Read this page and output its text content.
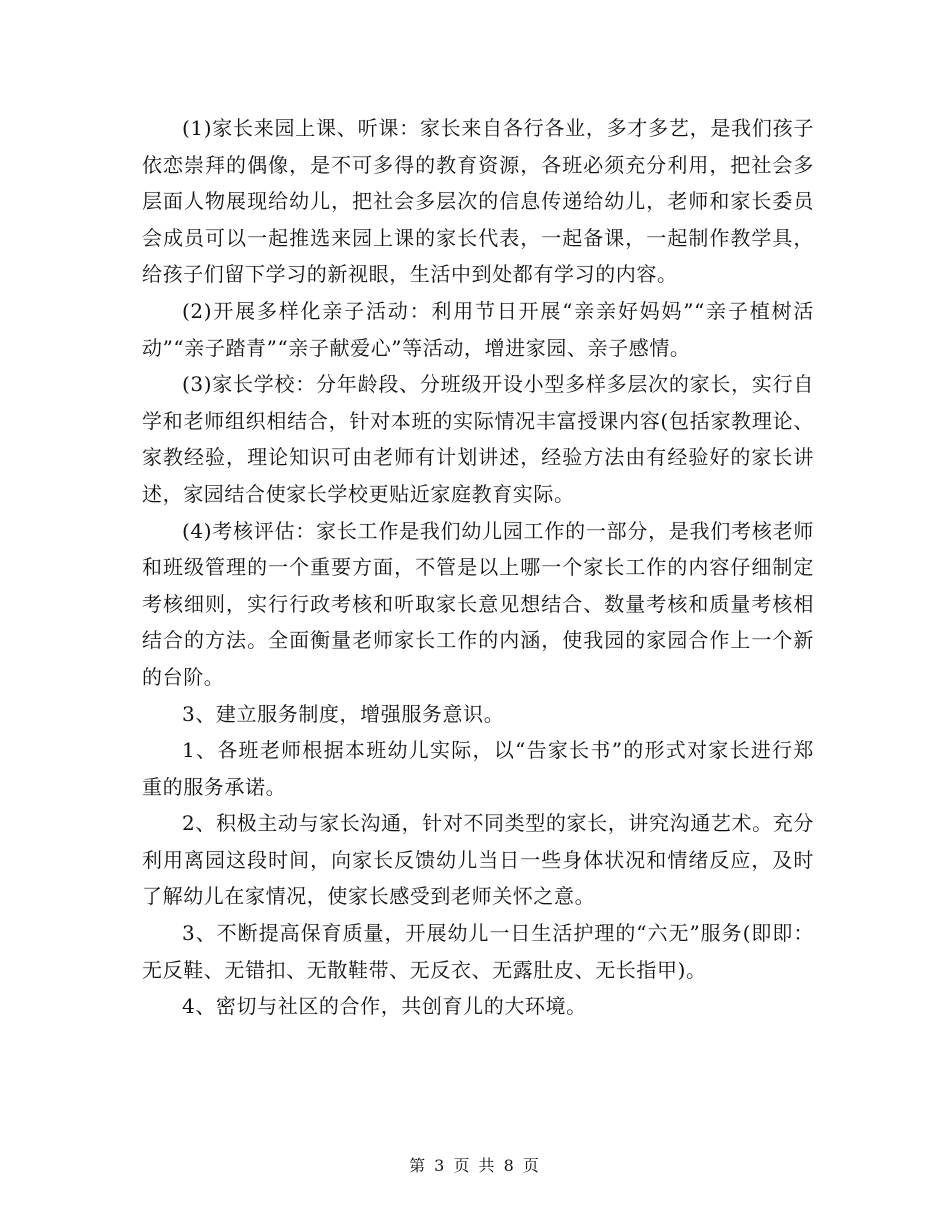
(1)家长来园上课、听课：家长来自各行各业，多才多艺，是我们孩子依恋崇拜的偶像，是不可多得的教育资源，各班必须充分利用，把社会多层面人物展现给幼儿，把社会多层次的信息传递给幼儿，老师和家长委员会成员可以一起推选来园上课的家长代表，一起备课，一起制作教学具，给孩子们留下学习的新视眼，生活中到处都有学习的内容。

(2)开展多样化亲子活动：利用节日开展“亲亲好妈妈”“亲子植树活动”“亲子踏青”“亲子献爱心”等活动，增进家园、亲子感情。

(3)家长学校：分年龄段、分班级开设小型多样多层次的家长，实行自学和老师组织相结合，针对本班的实际情况丰富授课内容(包括家教理论、家教经验，理论知识可由老师有计划讲述，经验方法由有经验好的家长讲述，家园结合使家长学校更贴近家庭教育实际。

(4)考核评估：家长工作是我们幼儿园工作的一部分，是我们考核老师和班级管理的一个重要方面，不管是以上哪一个家长工作的内容仔细制定考核细则，实行行政考核和听取家长意见想结合、数量考核和质量考核相结合的方法。全面衡量老师家长工作的内涵，使我园的家园合作上一个新的台阶。

3、建立服务制度，增强服务意识。

1、各班老师根据本班幼儿实际，以“告家长书”的形式对家长进行郑重的服务承诺。

2、积极主动与家长沟通，针对不同类型的家长，讲究沟通艺术。充分利用离园这段时间，向家长反馈幼儿当日一些身体状况和情绪反应，及时了解幼儿在家情况，使家长感受到老师关怀之意。

3、不断提高保育质量，开展幼儿一日生活护理的“六无”服务(即即：无反鞋、无错扣、无散鞋带、无反衣、无露肚皮、无长指甲)。

4、密切与社区的合作，共创育儿的大环境。

第 3 页 共 8 页
